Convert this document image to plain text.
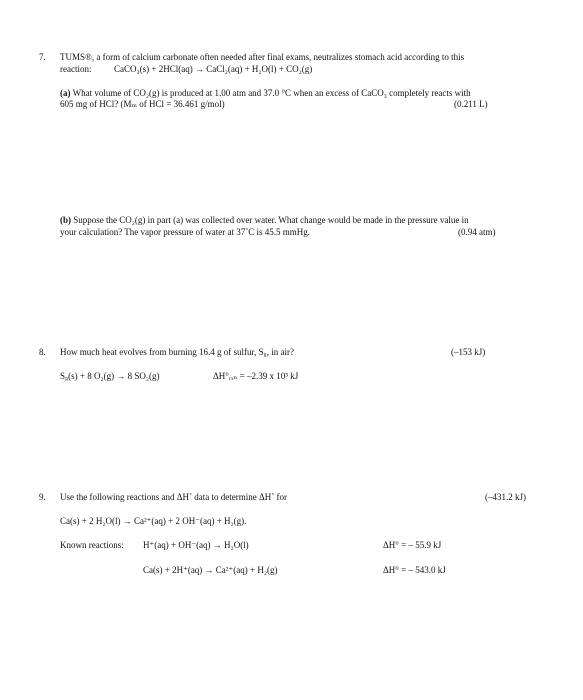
7. TUMS®, a form of calcium carbonate often needed after final exams, neutralizes stomach acid according to this
reaction:	CaCO₃(s) + 2HCl(aq) → CaCl₂(aq) + H₂O(l) + CO₂(g)
(a) What volume of CO₂(g) is produced at 1.00 atm and 37.0 °C when an excess of CaCO₃ completely reacts with
605 mg of HCl? (Mₘ of HCl = 36.461 g/mol)	(0.211 L)
(b) Suppose the CO₂(g) in part (a) was collected over water. What change would be made in the pressure value in
your calculation? The vapor pressure of water at 37˚C is 45.5 mmHg.	(0.94 atm)
8. How much heat evolves from burning 16.4 g of sulfur, S₈, in air?	(–153 kJ)
S₈(s) + 8 O₂(g) → 8 SO₂(g)	ΔH°ᵣₓₙ = –2.39 x 10³ kJ
9. Use the following reactions and ΔH˚ data to determine ΔH˚ for	(–431.2 kJ)
Ca(s) + 2 H₂O(l) → Ca²⁺(aq) + 2 OH⁻(aq) + H₂(g).
Known reactions: H⁺(aq) + OH⁻(aq) → H₂O(l)	ΔH° = – 55.9 kJ
Ca(s) + 2H⁺(aq) → Ca²⁺(aq) + H₂(g)	ΔH° = – 543.0 kJ
